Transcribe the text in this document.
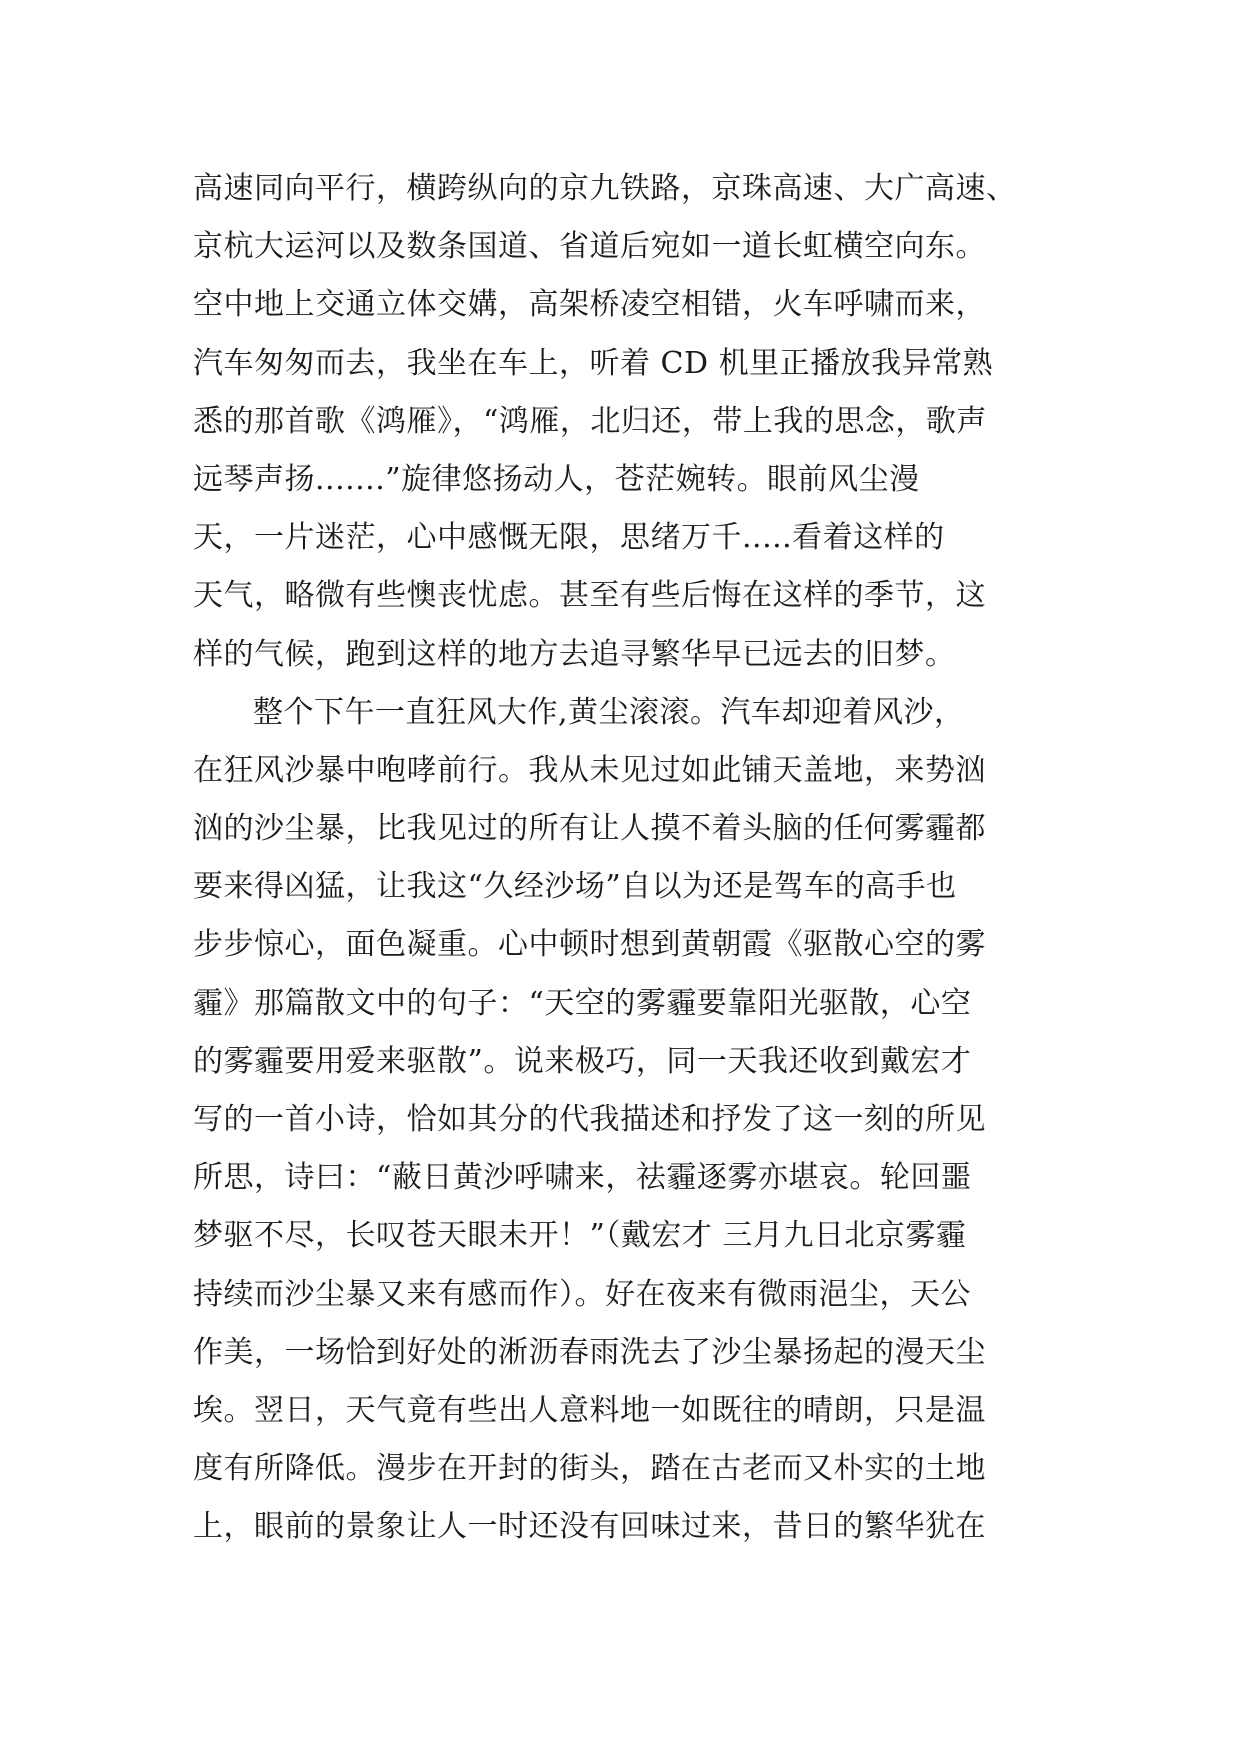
高速同向平行，横跨纵向的京九铁路，京珠高速、大广高速、
京杭大运河以及数条国道、省道后宛如一道长虹横空向东。
空中地上交通立体交媾，高架桥凌空相错，火车呼啸而来，
汽车匆匆而去，我坐在车上，听着 CD 机里正播放我异常熟
悉的那首歌《鸿雁》，“鸿雁，北归还，带上我的思念，歌声
远琴声扬.......”旋律悠扬动人，苍茫婉转。眼前风尘漫
天，一片迷茫，心中感慨无限，思绪万千.....看着这样的
天气，略微有些懊丧忧虑。甚至有些后悔在这样的季节，这
样的气候，跑到这样的地方去追寻繁华早已远去的旧梦。
整个下午一直狂风大作,黄尘滚滚。汽车却迎着风沙，
在狂风沙暴中咆哮前行。我从未见过如此铺天盖地，来势汹
汹的沙尘暴，比我见过的所有让人摸不着头脑的任何雾霾都
要来得凶猛，让我这“久经沙场”自以为还是驾车的高手也
步步惊心，面色凝重。心中顿时想到黄朝霞《驱散心空的雾
霾》那篇散文中的句子：“天空的雾霾要靠阳光驱散，心空
的雾霾要用爱来驱散”。说来极巧，同一天我还收到戴宏才
写的一首小诗，恰如其分的代我描述和抒发了这一刻的所见
所思，诗曰：“蔽日黄沙呼啸来，祛霾逐雾亦堪哀。轮回噩
梦驱不尽，长叹苍天眼未开！”（戴宏才 三月九日北京雾霾
持续而沙尘暴又来有感而作）。好在夜来有微雨浥尘，天公
作美，一场恰到好处的淅沥春雨洗去了沙尘暴扬起的漫天尘
埃。翌日，天气竟有些出人意料地一如既往的晴朗，只是温
度有所降低。漫步在开封的街头，踏在古老而又朴实的土地
上，眼前的景象让人一时还没有回味过来，昔日的繁华犹在
